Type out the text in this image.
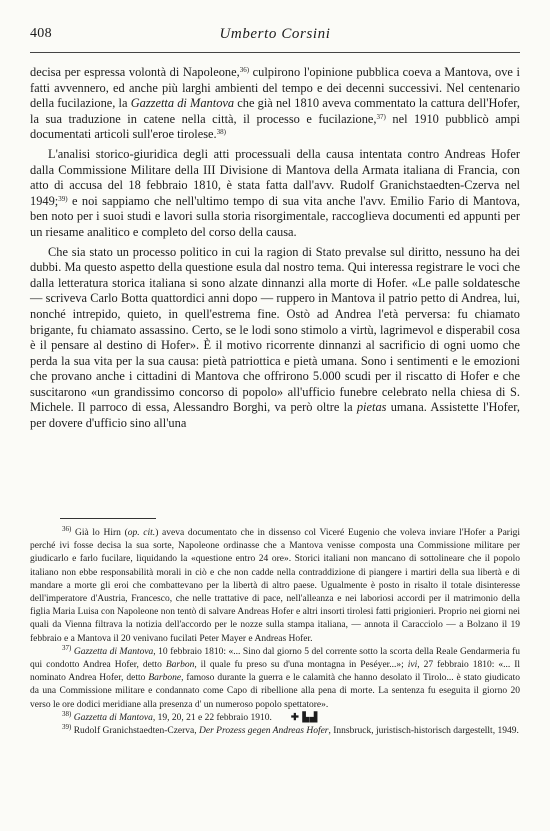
408	Umberto Corsini

decisa per espressa volontà di Napoleone,$^{36)}$ culpirono l'opinione pubblica coeva a Mantova, ove i fatti avvennero, ed anche più larghi ambienti del tempo e dei decenni successivi. Nel centenario della fucilazione, la Gazzetta di Mantova che già nel 1810 aveva commentato la cattura dell'Hofer, la sua traduzione in catene nella città, il processo e fucilazione,$^{37)}$ nel 1910 pubblicò ampi documentati articoli sull'eroe tirolese.$^{38)}$

L'analisi storico-giuridica degli atti processuali della causa intentata contro Andreas Hofer dalla Commissione Militare della III Divisione di Mantova della Armata italiana di Francia, con atto di accusa del 18 febbraio 1810, è stata fatta dall'avv. Rudolf Granichstaedten-Czerva nel 1949;$^{39)}$ e noi sappiamo che nell'ultimo tempo di sua vita anche l'avv. Emilio Fario di Mantova, ben noto per i suoi studi e lavori sulla storia risorgimentale, raccoglieva documenti ed appunti per un riesame analitico e completo del corso della causa.

Che sia stato un processo politico in cui la ragion di Stato prevalse sul diritto, nessuno ha dei dubbi. Ma questo aspetto della questione esula dal nostro tema. Qui interessa registrare le voci che dalla letteratura storica italiana si sono alzate dinnanzi alla morte di Hofer. «Le palle soldatesche — scriveva Carlo Botta quattordici anni dopo — ruppero in Mantova il patrio petto di Andrea, lui, nonché intrepido, quieto, in quell'estrema fine. Ostò ad Andrea l'età perversa: fu chiamato brigante, fu chiamato assassino. Certo, se le lodi sono stimolo a virtù, lagrimevol e disperabil cosa è il pensare al destino di Hofer». È il motivo ricorrente dinnanzi al sacrificio di ogni uomo che perda la sua vita per la sua causa: pietà patriottica e pietà umana. Sono i sentimenti e le emozioni che provano anche i cittadini di Mantova che offrirono 5.000 scudi per il riscatto di Hofer e che suscitarono «un grandissimo concorso di popolo» all'ufficio funebre celebrato nella chiesa di S. Michele. Il parroco di essa, Alessandro Borghi, va però oltre la pietas umana. Assistette l'Hofer, per dovere d'ufficio sino all'una

$^{36)}$ Già lo Hirn (op. cit.) aveva documentato che in dissenso col Viceré Eugenio che voleva inviare l'Hofer a Parigi perché ivi fosse decisa la sua sorte, Napoleone ordinasse che a Mantova venisse composta una Commissione militare per giudicarlo e farlo fucilare, liquidando la «questione entro 24 ore». Storici italiani non mancano di sottolineare che il popolo italiano non ebbe responsabilità morali in ciò e che non cadde nella contraddizione di piangere i martiri della sua libertà e di mandare a morte gli eroi che combattevano per la libertà di altro paese. Ugualmente è posto in risalto il totale disinteresse dell'imperatore d'Austria, Francesco, che nelle trattative di pace, nell'alleanza e nei laboriosi accordi per il matrimonio della figlia Maria Luisa con Napoleone non tentò di salvare Andreas Hofer e altri insorti tirolesi fatti prigionieri. Proprio nei giorni nei quali da Vienna filtrava la notizia dell'accordo per le nozze sulla stampa italiana, — annota il Caracciolo — a Bolzano il 19 febbraio e a Mantova il 20 venivano fucilati Peter Mayer e Andreas Hofer.

$^{37)}$ Gazzetta di Mantova, 10 febbraio 1810: «... Sino dal giorno 5 del corrente sotto la scorta della Reale Gendarmeria fu qui condotto Andrea Hofer, detto Barbon, il quale fu preso su d'una montagna in Peséyer...»; ivi, 27 febbraio 1810: «... Il nominato Andrea Hofer, detto Barbone, famoso durante la guerra e le calamità che hanno desolato il Tirolo... è stato giudicato da una Commissione militare e condannato come Capo di ribellione alla pena di morte. La sentenza fu eseguita il giorno 20 verso le ore dodici meridiane alla presenza d' un numeroso popolo spettatore».

$^{38)}$ Gazzetta di Mantova, 19, 20, 21 e 22 febbraio 1910. ✚ ▙▟

$^{39)}$ Rudolf Granichstaedten-Czerva, Der Prozess gegen Andreas Hofer, Innsbruck, juristisch-historisch dargestellt, 1949.
